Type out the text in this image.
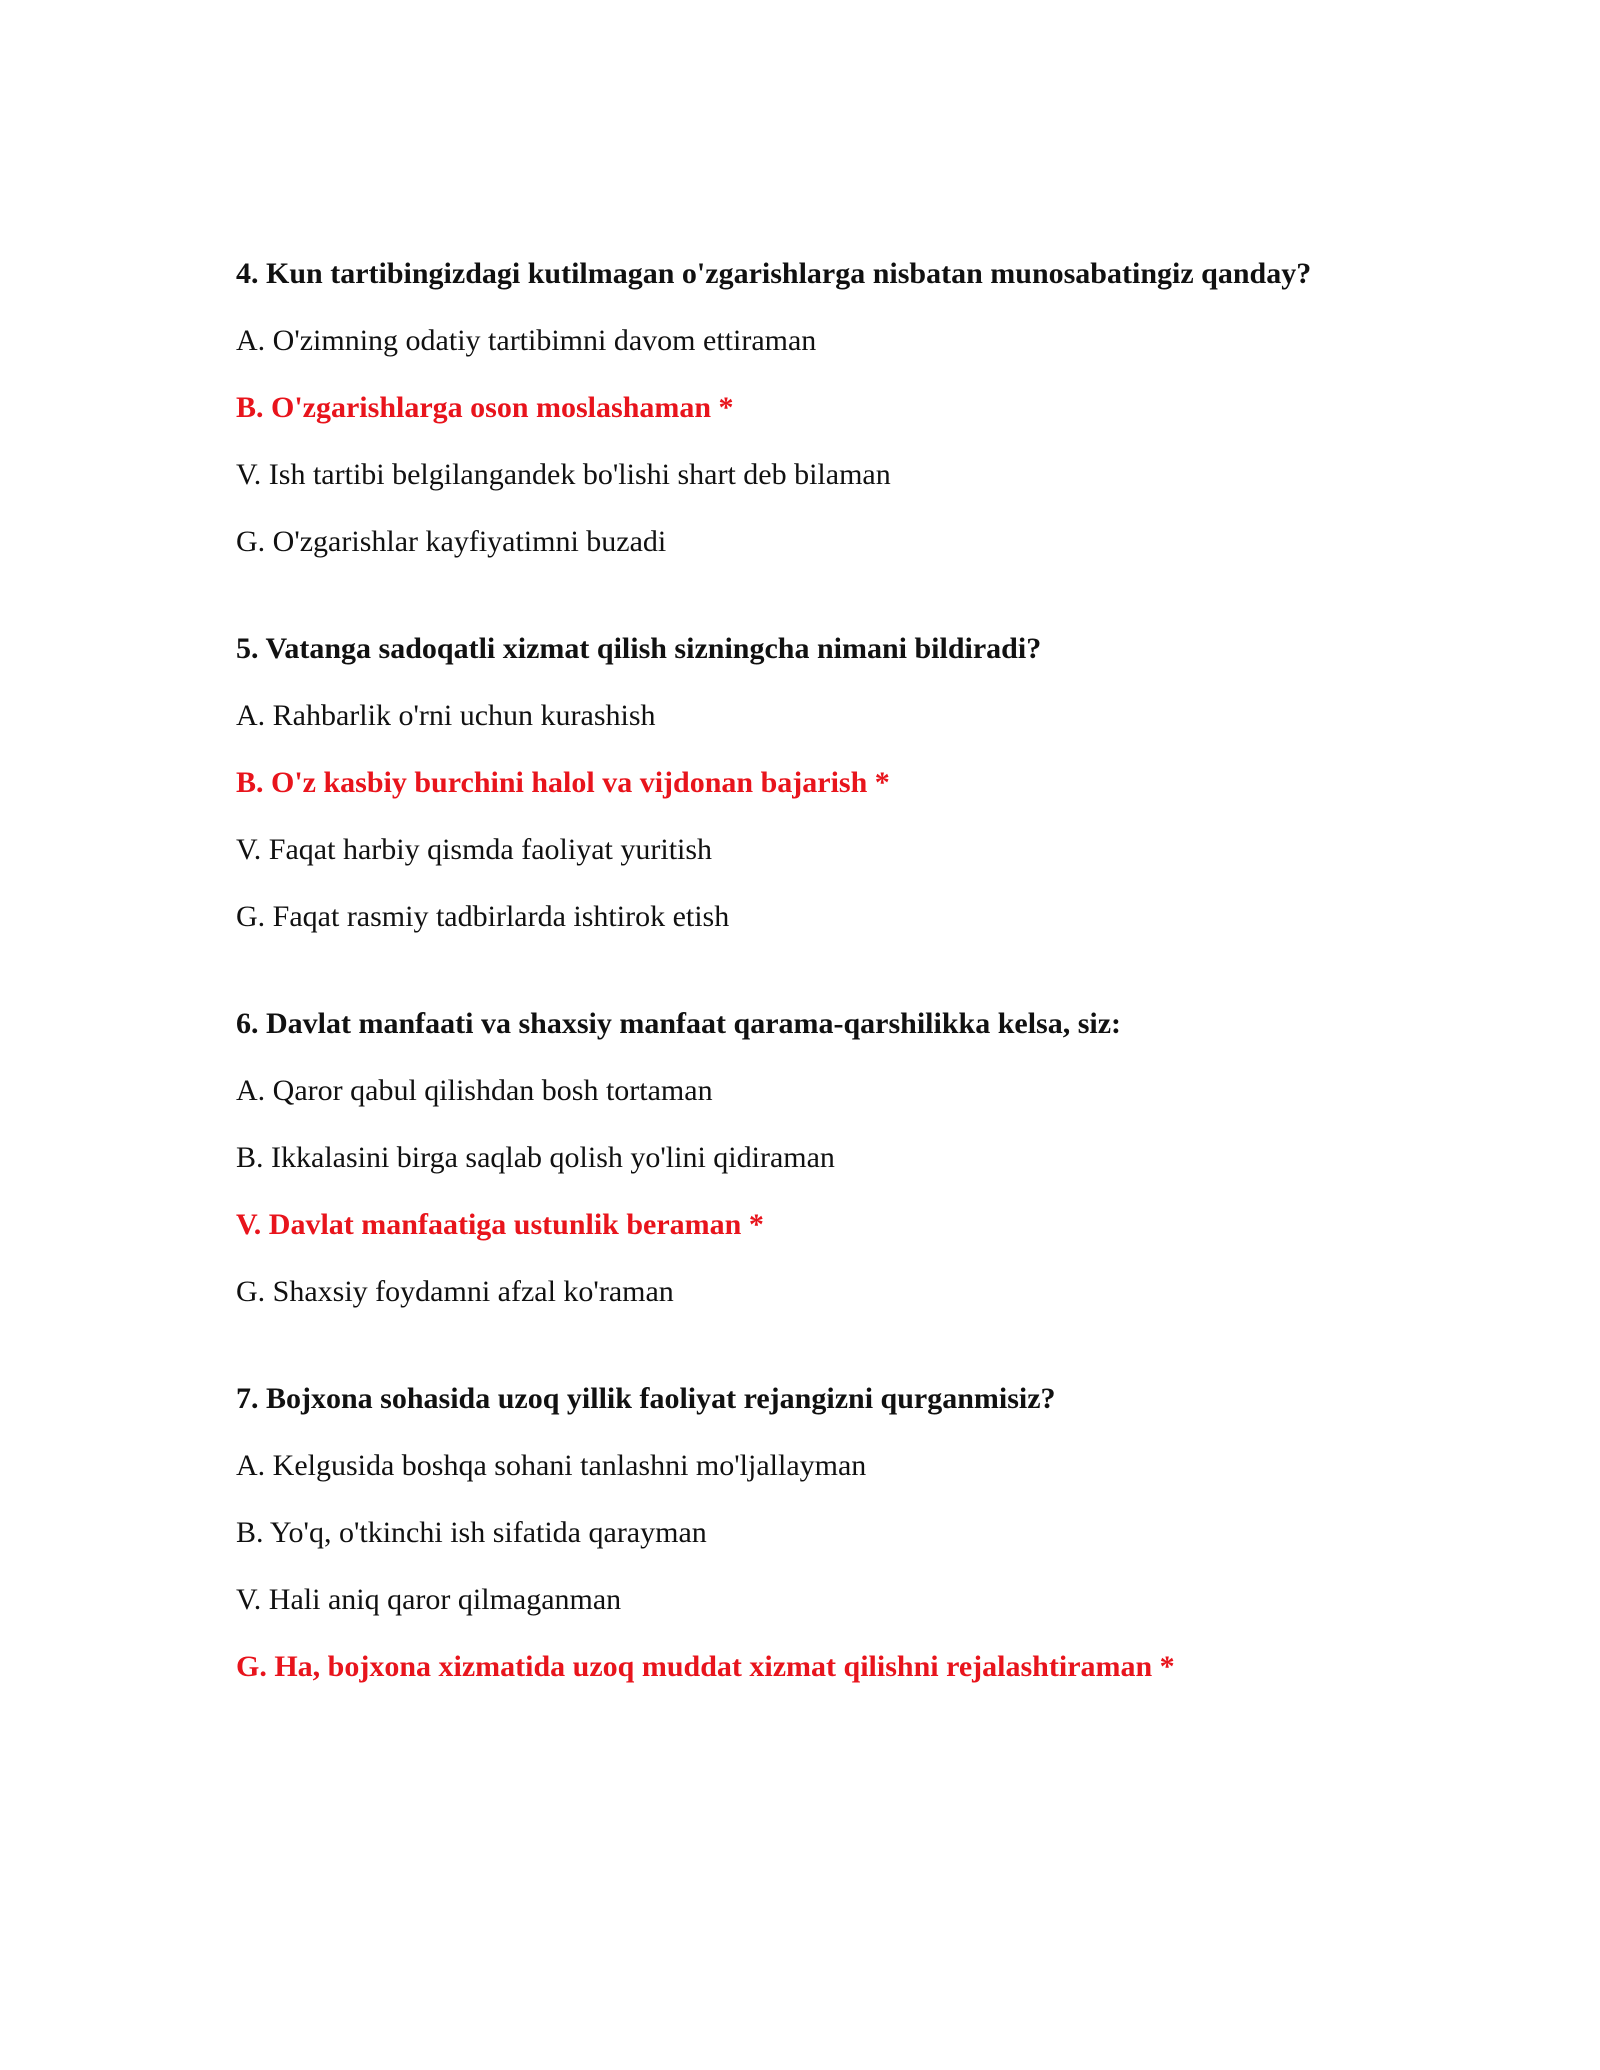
4. Kun tartibingizdagi kutilmagan o'zgarishlarga nisbatan munosabatingiz qanday?
A. O'zimning odatiy tartibimni davom ettiraman
B. O'zgarishlarga oson moslashaman *
V. Ish tartibi belgilangandek bo'lishi shart deb bilaman
G. O'zgarishlar kayfiyatimni buzadi
5. Vatanga sadoqatli xizmat qilish sizningcha nimani bildiradi?
A. Rahbarlik o'rni uchun kurashish
B. O'z kasbiy burchini halol va vijdonan bajarish *
V. Faqat harbiy qismda faoliyat yuritish
G. Faqat rasmiy tadbirlarda ishtirok etish
6. Davlat manfaati va shaxsiy manfaat qarama-qarshilikka kelsa, siz:
A. Qaror qabul qilishdan bosh tortaman
B. Ikkalasini birga saqlab qolish yo'lini qidiraman
V. Davlat manfaatiga ustunlik beraman *
G. Shaxsiy foydamni afzal ko'raman
7. Bojxona sohasida uzoq yillik faoliyat rejangizni qurganmisiz?
A. Kelgusida boshqa sohani tanlashni mo'ljallayman
B. Yo'q, o'tkinchi ish sifatida qarayman
V. Hali aniq qaror qilmaganman
G. Ha, bojxona xizmatida uzoq muddat xizmat qilishni rejalashtiraman *
